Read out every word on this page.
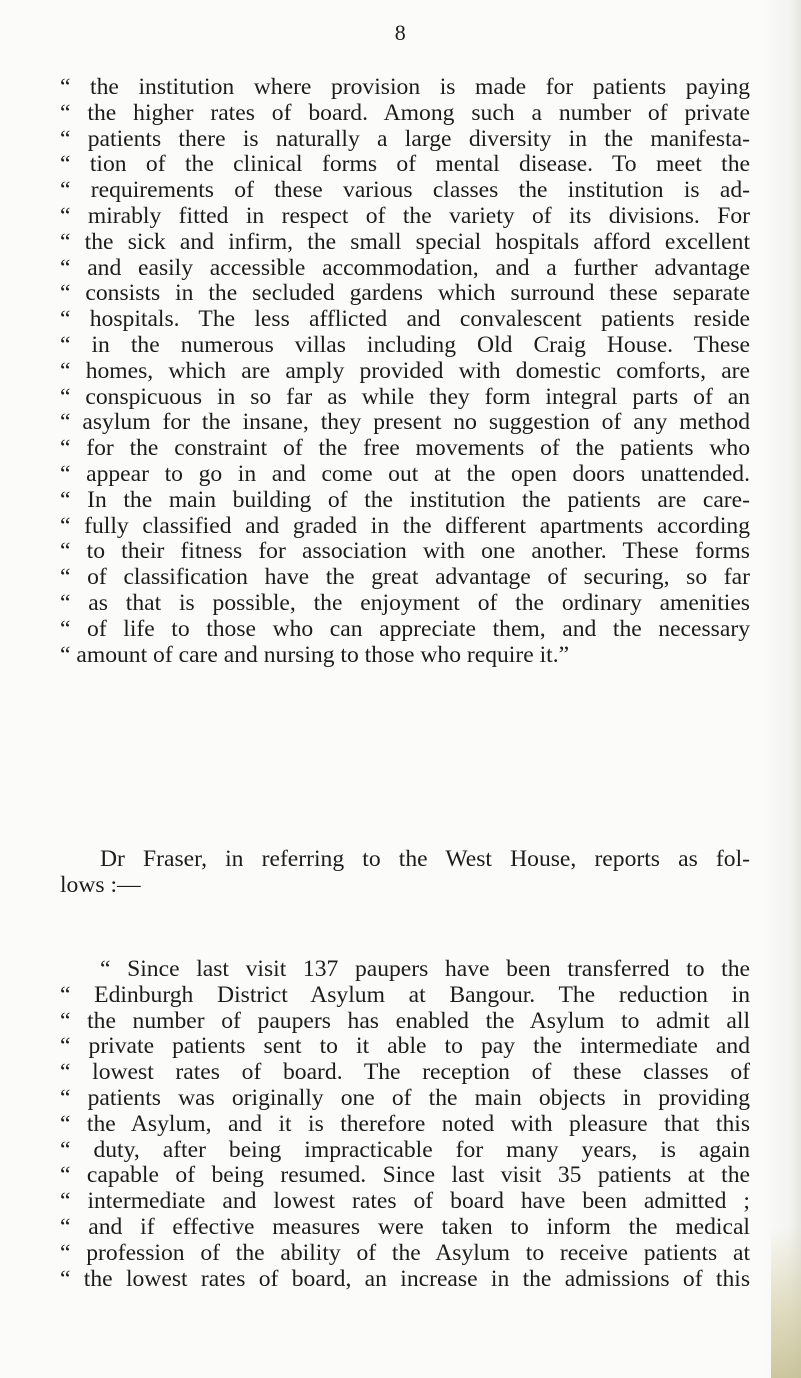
8
“ the institution where provision is made for patients paying
“ the higher rates of board. Among such a number of private
“ patients there is naturally a large diversity in the manifesta-
“ tion of the clinical forms of mental disease. To meet the
“ requirements of these various classes the institution is ad-
“ mirably fitted in respect of the variety of its divisions. For
“ the sick and infirm, the small special hospitals afford excellent
“ and easily accessible accommodation, and a further advantage
“ consists in the secluded gardens which surround these separate
“ hospitals. The less afflicted and convalescent patients reside
“ in the numerous villas including Old Craig House. These
“ homes, which are amply provided with domestic comforts, are
“ conspicuous in so far as while they form integral parts of an
“ asylum for the insane, they present no suggestion of any method
“ for the constraint of the free movements of the patients who
“ appear to go in and come out at the open doors unattended.
“ In the main building of the institution the patients are care-
“ fully classified and graded in the different apartments according
“ to their fitness for association with one another. These forms
“ of classification have the great advantage of securing, so far
“ as that is possible, the enjoyment of the ordinary amenities
“ of life to those who can appreciate them, and the necessary
“ amount of care and nursing to those who require it.”
Dr Fraser, in referring to the West House, reports as fol-
lows :—
“ Since last visit 137 paupers have been transferred to the
“ Edinburgh District Asylum at Bangour. The reduction in
“ the number of paupers has enabled the Asylum to admit all
“ private patients sent to it able to pay the intermediate and
“ lowest rates of board. The reception of these classes of
“ patients was originally one of the main objects in providing
“ the Asylum, and it is therefore noted with pleasure that this
“ duty, after being impracticable for many years, is again
“ capable of being resumed. Since last visit 35 patients at the
“ intermediate and lowest rates of board have been admitted ;
“ and if effective measures were taken to inform the medical
“ profession of the ability of the Asylum to receive patients at
“ the lowest rates of board, an increase in the admissions of this
